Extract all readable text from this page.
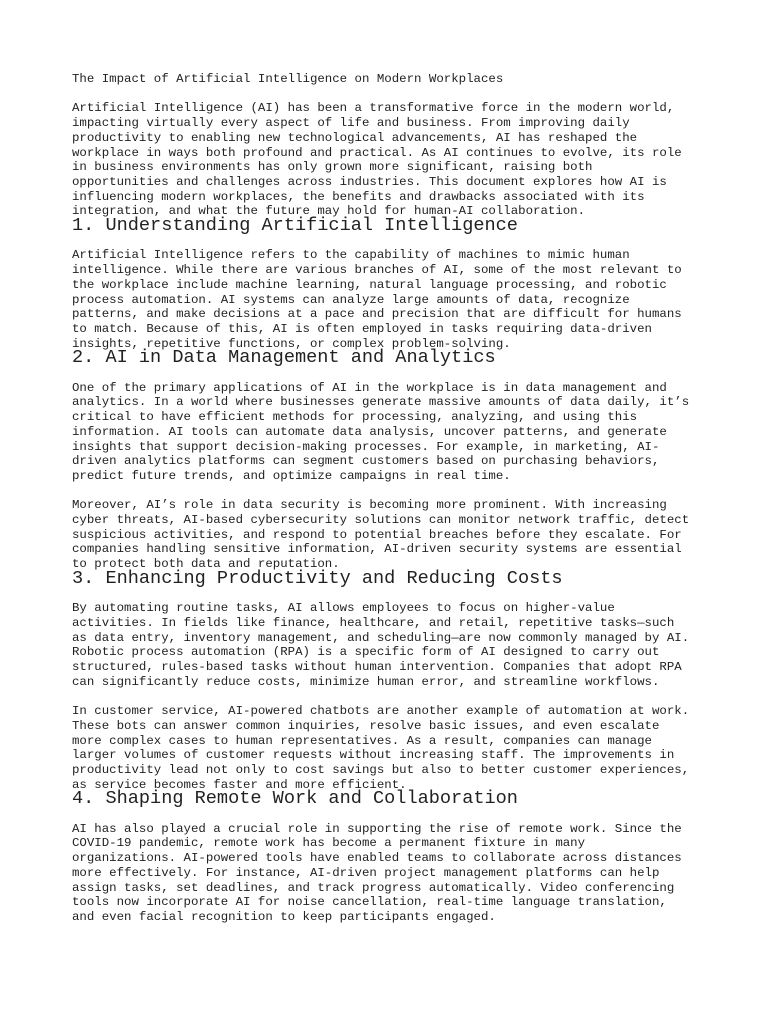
The Impact of Artificial Intelligence on Modern Workplaces

Artificial Intelligence (AI) has been a transformative force in the modern world,
impacting virtually every aspect of life and business. From improving daily
productivity to enabling new technological advancements, AI has reshaped the
workplace in ways both profound and practical. As AI continues to evolve, its role
in business environments has only grown more significant, raising both
opportunities and challenges across industries. This document explores how AI is
influencing modern workplaces, the benefits and drawbacks associated with its
integration, and what the future may hold for human-AI collaboration.

1. Understanding Artificial Intelligence

Artificial Intelligence refers to the capability of machines to mimic human
intelligence. While there are various branches of AI, some of the most relevant to
the workplace include machine learning, natural language processing, and robotic
process automation. AI systems can analyze large amounts of data, recognize
patterns, and make decisions at a pace and precision that are difficult for humans
to match. Because of this, AI is often employed in tasks requiring data-driven
insights, repetitive functions, or complex problem-solving.

2. AI in Data Management and Analytics

One of the primary applications of AI in the workplace is in data management and
analytics. In a world where businesses generate massive amounts of data daily, it’s
critical to have efficient methods for processing, analyzing, and using this
information. AI tools can automate data analysis, uncover patterns, and generate
insights that support decision-making processes. For example, in marketing, AI-
driven analytics platforms can segment customers based on purchasing behaviors,
predict future trends, and optimize campaigns in real time.

Moreover, AI’s role in data security is becoming more prominent. With increasing
cyber threats, AI-based cybersecurity solutions can monitor network traffic, detect
suspicious activities, and respond to potential breaches before they escalate. For
companies handling sensitive information, AI-driven security systems are essential
to protect both data and reputation.

3. Enhancing Productivity and Reducing Costs

By automating routine tasks, AI allows employees to focus on higher-value
activities. In fields like finance, healthcare, and retail, repetitive tasks—such
as data entry, inventory management, and scheduling—are now commonly managed by AI.
Robotic process automation (RPA) is a specific form of AI designed to carry out
structured, rules-based tasks without human intervention. Companies that adopt RPA
can significantly reduce costs, minimize human error, and streamline workflows.

In customer service, AI-powered chatbots are another example of automation at work.
These bots can answer common inquiries, resolve basic issues, and even escalate
more complex cases to human representatives. As a result, companies can manage
larger volumes of customer requests without increasing staff. The improvements in
productivity lead not only to cost savings but also to better customer experiences,
as service becomes faster and more efficient.

4. Shaping Remote Work and Collaboration

AI has also played a crucial role in supporting the rise of remote work. Since the
COVID-19 pandemic, remote work has become a permanent fixture in many
organizations. AI-powered tools have enabled teams to collaborate across distances
more effectively. For instance, AI-driven project management platforms can help
assign tasks, set deadlines, and track progress automatically. Video conferencing
tools now incorporate AI for noise cancellation, real-time language translation,
and even facial recognition to keep participants engaged.
